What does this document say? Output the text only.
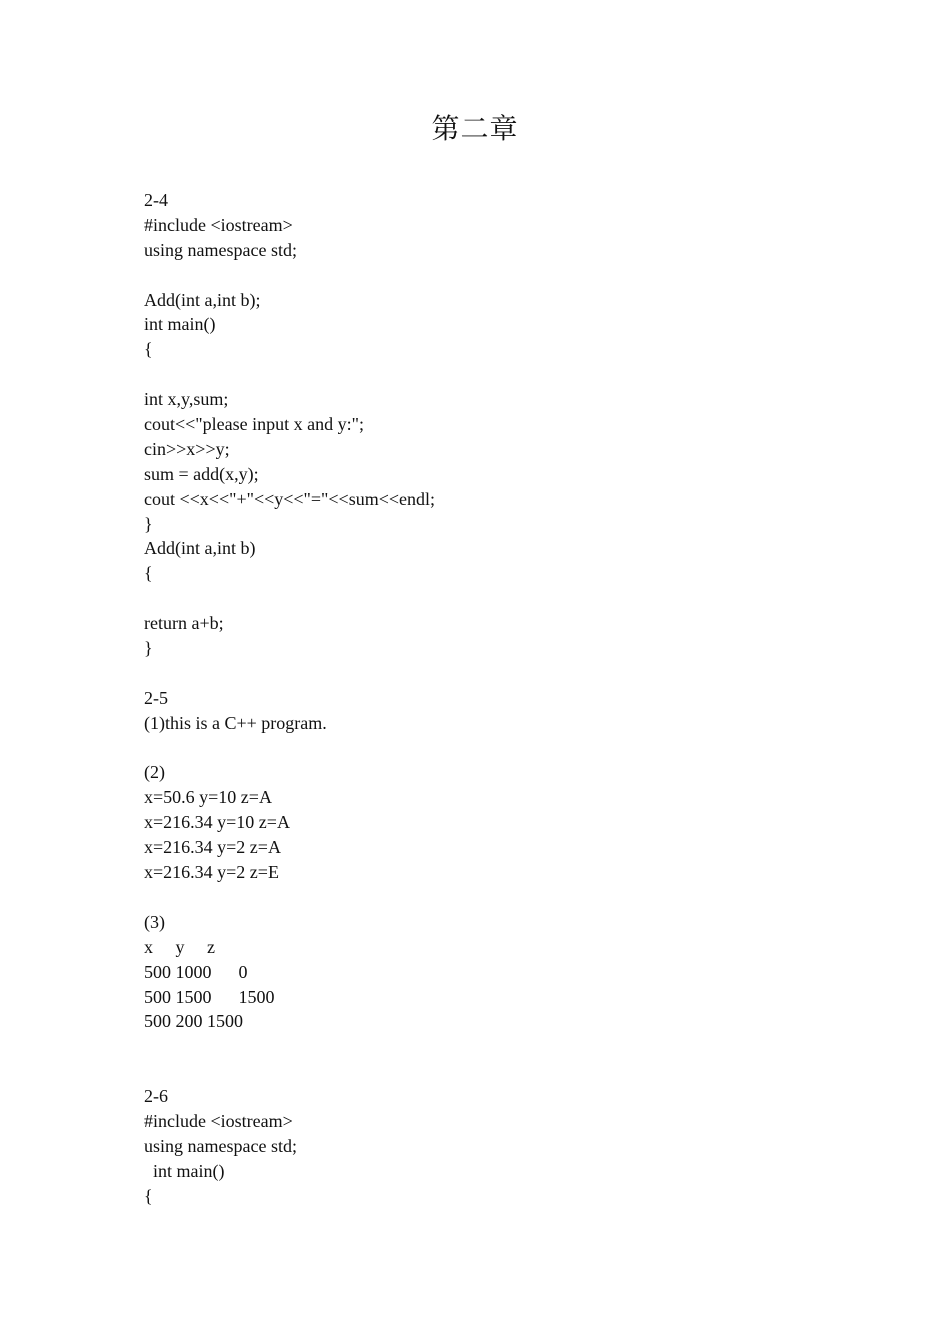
第二章
2-4
#include <iostream>
using namespace std;
Add(int a,int b);
int main()
{
int x,y,sum;
cout<<"please input x and y:";
cin>>x>>y;
sum = add(x,y);
cout <<x<<"+"<<y<<"="<<sum<<endl;
}
Add(int a,int b)
{
return a+b;
}
2-5
(1)this is a C++ program.
(2)
x=50.6 y=10 z=A
x=216.34 y=10 z=A
x=216.34 y=2 z=A
x=216.34 y=2 z=E
(3)
x     y     z
500 1000      0
500 1500      1500
500 200 1500
2-6
#include <iostream>
using namespace std;
int main()
{
